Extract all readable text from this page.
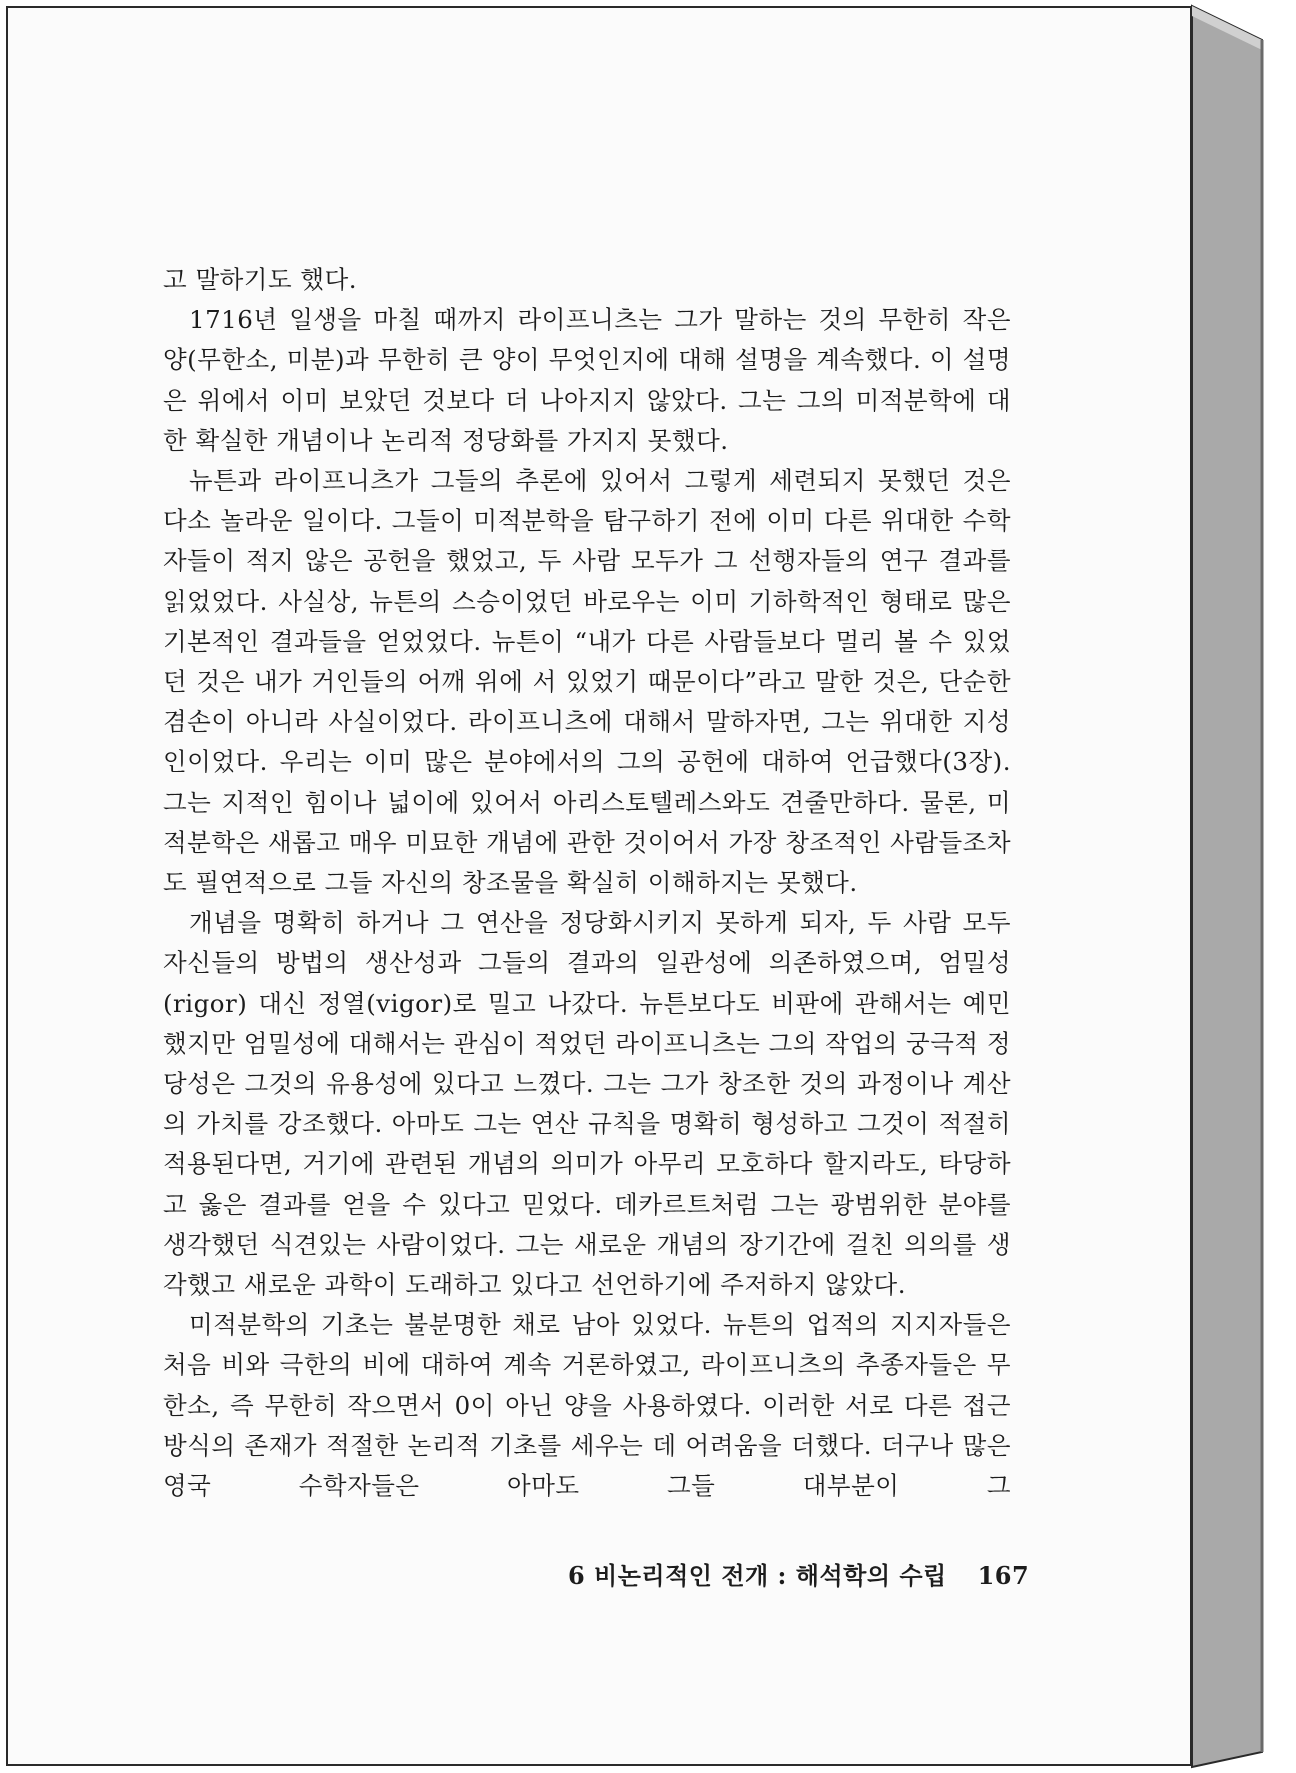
고 말하기도 했다.

1716년 일생을 마칠 때까지 라이프니츠는 그가 말하는 것의 무한히 작은 양(무한소, 미분)과 무한히 큰 양이 무엇인지에 대해 설명을 계속했다. 이 설명은 위에서 이미 보았던 것보다 더 나아지지 않았다. 그는 그의 미적분학에 대한 확실한 개념이나 논리적 정당화를 가지지 못했다.

뉴튼과 라이프니츠가 그들의 추론에 있어서 그렇게 세련되지 못했던 것은 다소 놀라운 일이다. 그들이 미적분학을 탐구하기 전에 이미 다른 위대한 수학자들이 적지 않은 공헌을 했었고, 두 사람 모두가 그 선행자들의 연구 결과를 읽었었다. 사실상, 뉴튼의 스승이었던 바로우는 이미 기하학적인 형태로 많은 기본적인 결과들을 얻었었다. 뉴튼이 “내가 다른 사람들보다 멀리 볼 수 있었던 것은 내가 거인들의 어깨 위에 서 있었기 때문이다”라고 말한 것은, 단순한 겸손이 아니라 사실이었다. 라이프니츠에 대해서 말하자면, 그는 위대한 지성인이었다. 우리는 이미 많은 분야에서의 그의 공헌에 대하여 언급했다(3장). 그는 지적인 힘이나 넓이에 있어서 아리스토텔레스와도 견줄만하다. 물론, 미적분학은 새롭고 매우 미묘한 개념에 관한 것이어서 가장 창조적인 사람들조차도 필연적으로 그들 자신의 창조물을 확실히 이해하지는 못했다.

개념을 명확히 하거나 그 연산을 정당화시키지 못하게 되자, 두 사람 모두 자신들의 방법의 생산성과 그들의 결과의 일관성에 의존하였으며, 엄밀성(rigor) 대신 정열(vigor)로 밀고 나갔다. 뉴튼보다도 비판에 관해서는 예민했지만 엄밀성에 대해서는 관심이 적었던 라이프니츠는 그의 작업의 궁극적 정당성은 그것의 유용성에 있다고 느꼈다. 그는 그가 창조한 것의 과정이나 계산의 가치를 강조했다. 아마도 그는 연산 규칙을 명확히 형성하고 그것이 적절히 적용된다면, 거기에 관련된 개념의 의미가 아무리 모호하다 할지라도, 타당하고 옳은 결과를 얻을 수 있다고 믿었다. 데카르트처럼 그는 광범위한 분야를 생각했던 식견있는 사람이었다. 그는 새로운 개념의 장기간에 걸친 의의를 생각했고 새로운 과학이 도래하고 있다고 선언하기에 주저하지 않았다.

미적분학의 기초는 불분명한 채로 남아 있었다. 뉴튼의 업적의 지지자들은 처음 비와 극한의 비에 대하여 계속 거론하였고, 라이프니츠의 추종자들은 무한소, 즉 무한히 작으면서 0이 아닌 양을 사용하였다. 이러한 서로 다른 접근 방식의 존재가 적절한 논리적 기초를 세우는 데 어려움을 더했다. 더구나 많은 영국 수학자들은 아마도 그들 대부분이 그

6 비논리적인 전개 : 해석학의 수립 167
